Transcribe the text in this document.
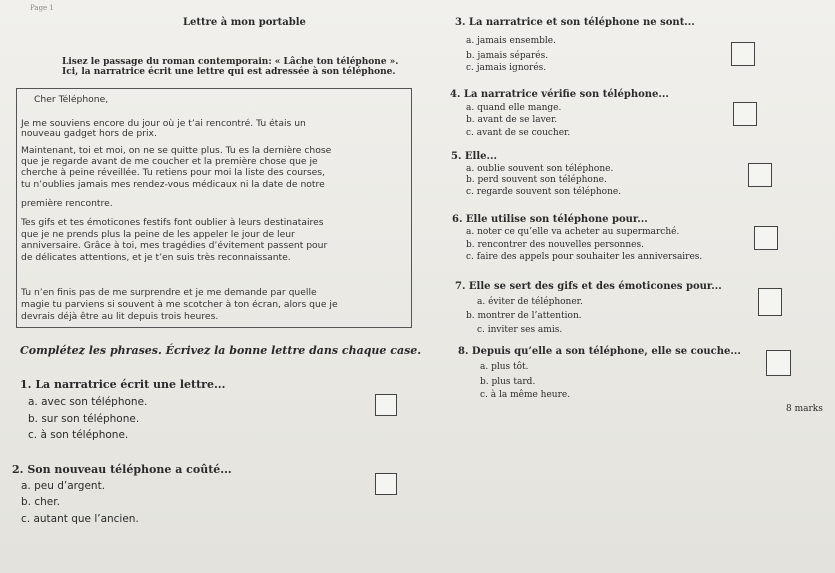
Page 1
Lettre à mon portable
Lisez le passage du roman contemporain: « Lâche ton téléphone ».
Ici, la narratrice écrit une lettre qui est adressée à son téléphone.
Cher Téléphone,
Je me souviens encore du jour où je t’ai rencontré. Tu étais un
nouveau gadget hors de prix.
Maintenant, toi et moi, on ne se quitte plus. Tu es la dernière chose
que je regarde avant de me coucher et la première chose que je
cherche à peine réveillée. Tu retiens pour moi la liste des courses,
tu n’oublies jamais mes rendez-vous médicaux ni la date de notre
première rencontre.
Tes gifs et tes émoticones festifs font oublier à leurs destinataires
que je ne prends plus la peine de les appeler le jour de leur
anniversaire. Grâce à toi, mes tragédies d’évitement passent pour
de délicates attentions, et je t’en suis très reconnaissante.
Tu n’en finis pas de me surprendre et je me demande par quelle
magie tu parviens si souvent à me scotcher à ton écran, alors que je
devrais déjà être au lit depuis trois heures.
Complétez les phrases. Écrivez la bonne lettre dans chaque case.
1. La narratrice écrit une lettre...
a. avec son téléphone.
b. sur son téléphone.
c. à son téléphone.
2. Son nouveau téléphone a coûté...
a. peu d’argent.
b. cher.
c. autant que l’ancien.
3. La narratrice et son téléphone ne sont...
a. jamais ensemble.
b. jamais séparés.
c. jamais ignorés.
4. La narratrice vérifie son téléphone...
a. quand elle mange.
b. avant de se laver.
c. avant de se coucher.
5. Elle...
a. oublie souvent son téléphone.
b. perd souvent son téléphone.
c. regarde souvent son téléphone.
6. Elle utilise son téléphone pour...
a. noter ce qu’elle va acheter au supermarché.
b. rencontrer des nouvelles personnes.
c. faire des appels pour souhaiter les anniversaires.
7. Elle se sert des gifs et des émoticones pour...
a. éviter de téléphoner.
b. montrer de l’attention.
c. inviter ses amis.
8. Depuis qu’elle a son téléphone, elle se couche...
a. plus tôt.
b. plus tard.
c. à la même heure.
8 marks
